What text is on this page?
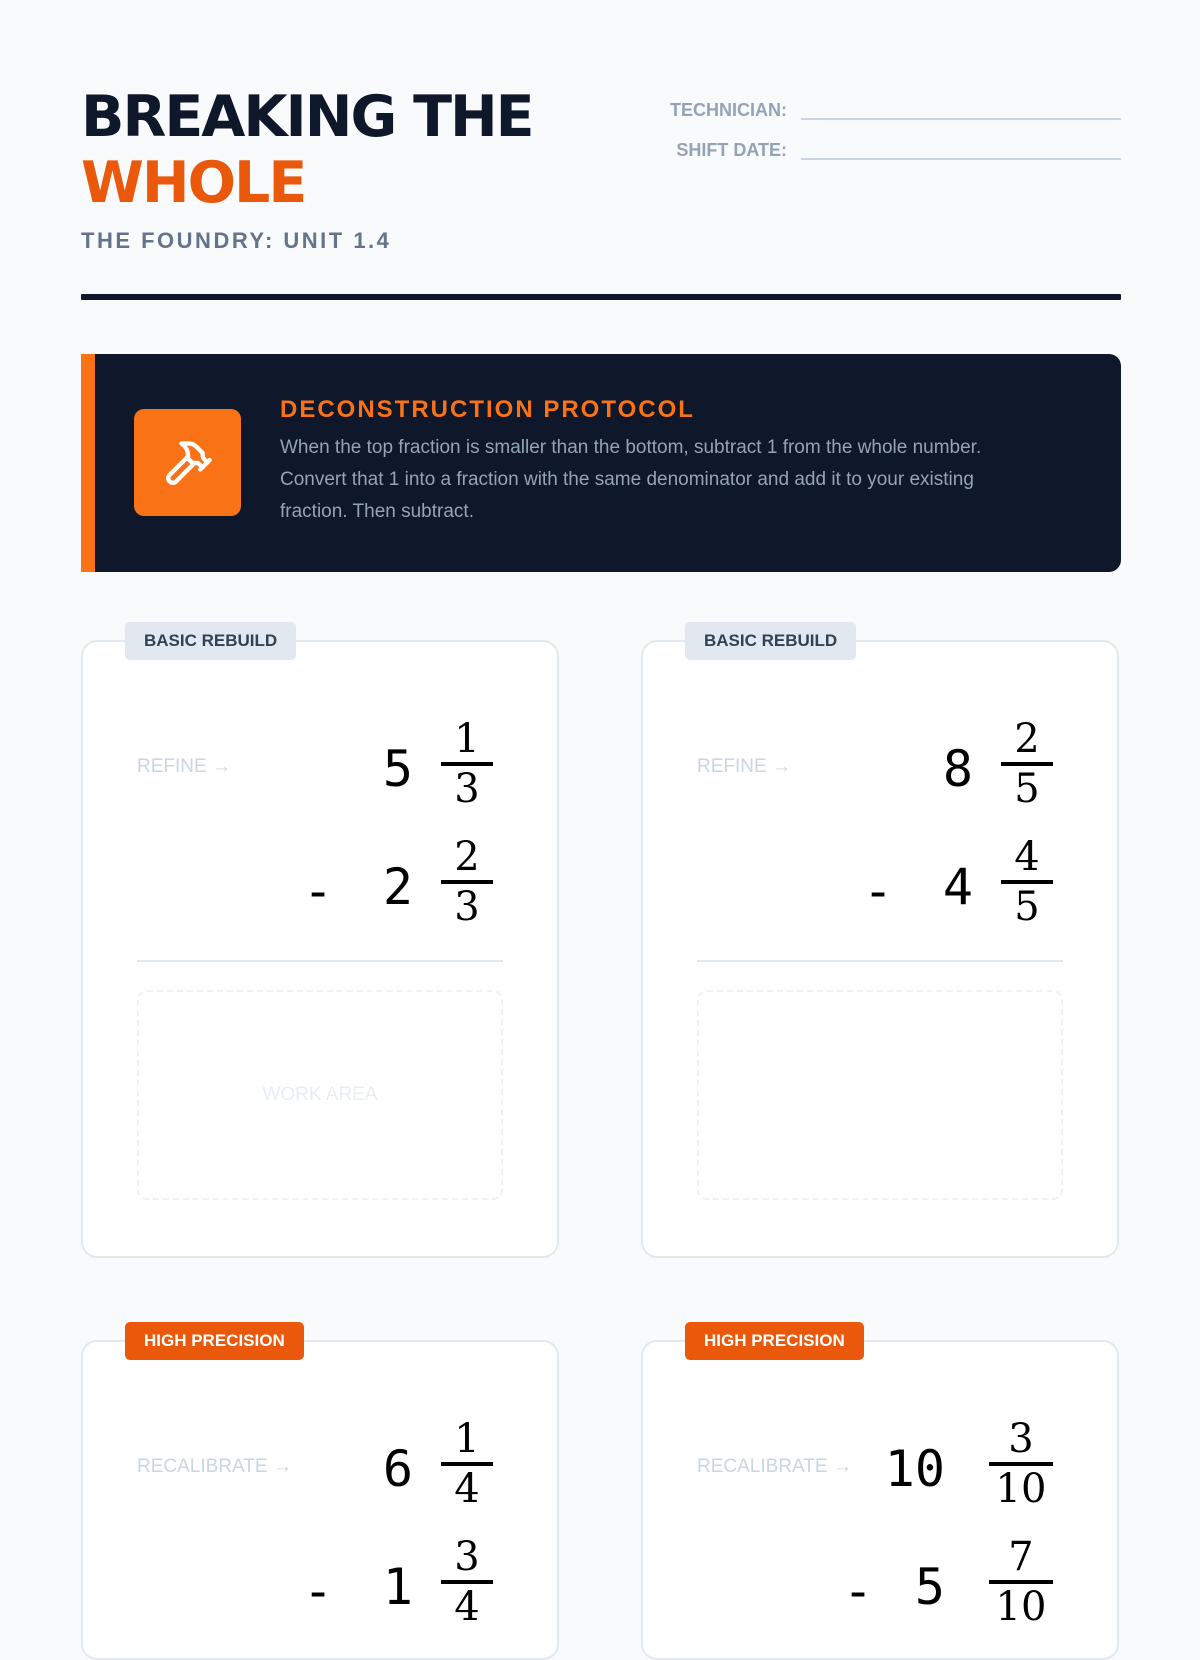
BREAKING THE
WHOLE
THE FOUNDRY: UNIT 1.4
TECHNICIAN:
SHIFT DATE:
DECONSTRUCTION PROTOCOL
When the top fraction is smaller than the bottom, subtract 1 from the whole number. Convert that 1 into a fraction with the same denominator and add it to your existing fraction. Then subtract.
BASIC REBUILD
REFINE →	5
1
3
- 2
2
3
WORK AREA
BASIC REBUILD
REFINE →	8
2
5
- 4
4
5
HIGH PRECISION
RECALIBRATE →	6
1
4
- 1
3
4
HIGH PRECISION
RECALIBRATE → 10
3
10
- 5
7
10
